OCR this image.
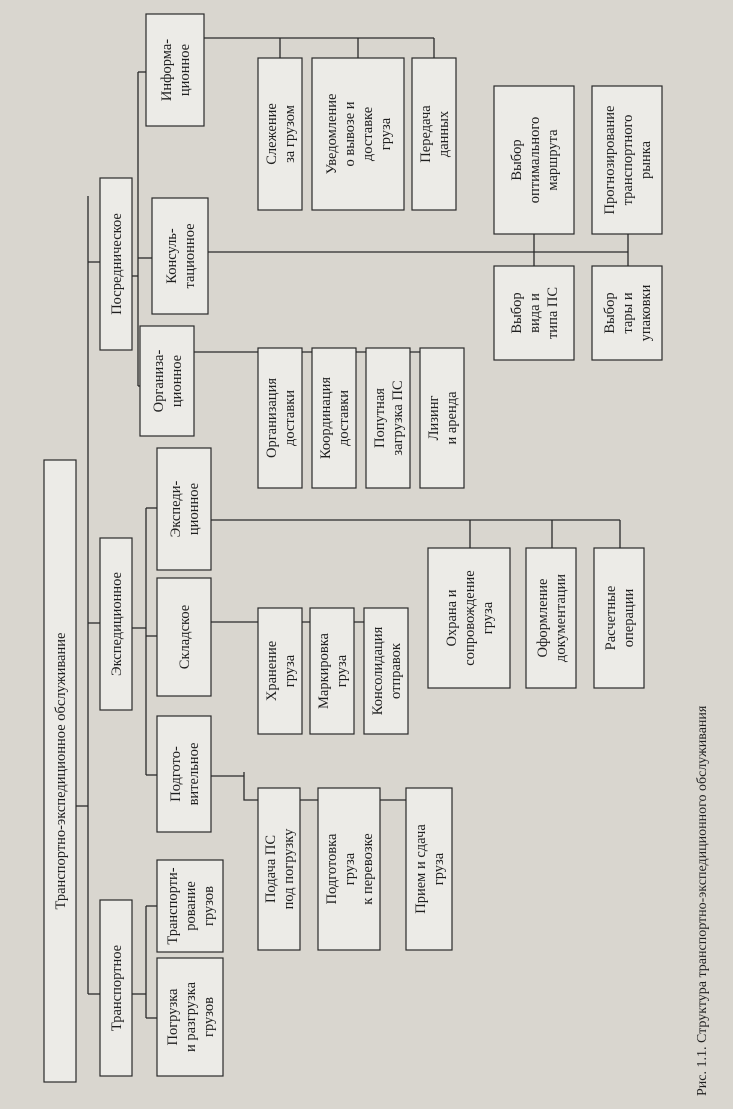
Транспортно-экспедиционное обслуживание
Транспортное
Экспедиционное
Посредническое
Погрузка и разгрузка грузов
Транспорти- рование грузов
Подгото- вительное
Складское
Экспеди- ционное
Организа- ционное
Консуль- тационное
Информа- ционное
Подача ПС под погрузку Подготовка груза к перевозке	Прием и сдача груза
Хранение груза Маркировка груза Консолидация отправок
Охрана и сопровождение груза	Оформление документации Расчетные операции
Организация доставки Координация доставки Попутная загрузка ПС Лизинг и аренда
Выбор вида и типа ПС	Выбор тары и упаковки
Выбор оптимального маршрута	Прогнозирование транспортного рынка
Слежение за грузом Уведомление о вывозе и доставке груза Передача данных
Рис. 1.1. Структура транспортно-экспедиционного обслуживания
